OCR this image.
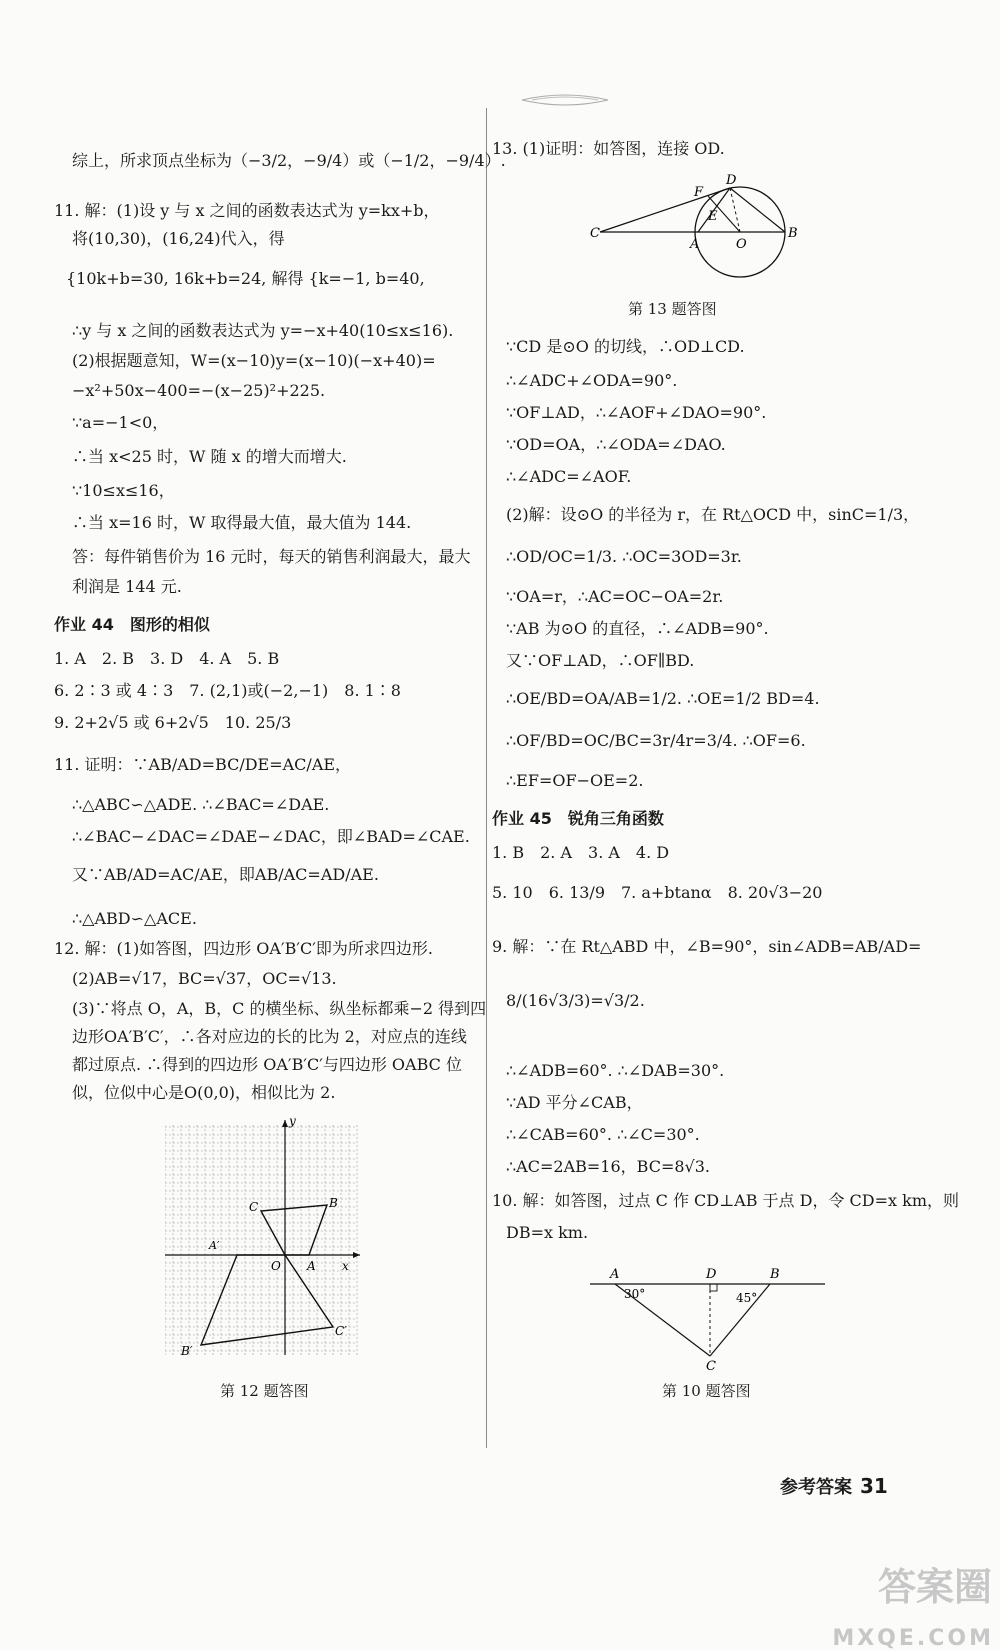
综上，所求顶点坐标为（−3/2，−9/4）或（−1/2，−9/4）.
11. 解：(1)设 y 与 x 之间的函数表达式为 y=kx+b，
将(10,30)，(16,24)代入，得
{10k+b=30, 16k+b=24, 解得 {k=−1, b=40,
∴y 与 x 之间的函数表达式为 y=−x+40(10≤x≤16).
(2)根据题意知，W=(x−10)y=(x−10)(−x+40)=
−x²+50x−400=−(x−25)²+225.
∵a=−1<0，
∴当 x<25 时，W 随 x 的增大而增大.
∵10≤x≤16，
∴当 x=16 时，W 取得最大值，最大值为 144.
答：每件销售价为 16 元时，每天的销售利润最大，最大
利润是 144 元.
作业 44　图形的相似
1. A　2. B　3. D　4. A　5. B
6. 2∶3 或 4∶3　7. (2,1)或(−2,−1)　8. 1∶8
9. 2+2√5 或 6+2√5　10. 25/3
11. 证明：∵AB/AD=BC/DE=AC/AE，
∴△ABC∽△ADE. ∴∠BAC=∠DAE.
∴∠BAC−∠DAC=∠DAE−∠DAC，即∠BAD=∠CAE.
又∵AB/AD=AC/AE，即AB/AC=AD/AE.
∴△ABD∽△ACE.
12. 解：(1)如答图，四边形 OA′B′C′即为所求四边形.
(2)AB=√17，BC=√37，OC=√13.
(3)∵将点 O，A，B，C 的横坐标、纵坐标都乘−2 得到四
边形OA′B′C′，∴各对应边的长的比为 2，对应点的连线
都过原点. ∴得到的四边形 OA′B′C′与四边形 OABC 位
似，位似中心是O(0,0)，相似比为 2.
y
x
O A
B
C
A′
B′
C′
第 12 题答图
13. (1)证明：如答图，连接 OD.
C
A	O
B
D
F
E
第 13 题答图
∵CD 是⊙O 的切线，∴OD⊥CD.
∴∠ADC+∠ODA=90°.
∵OF⊥AD，∴∠AOF+∠DAO=90°.
∵OD=OA，∴∠ODA=∠DAO.
∴∠ADC=∠AOF.
(2)解：设⊙O 的半径为 r，在 Rt△OCD 中，sinC=1/3，
∴OD/OC=1/3. ∴OC=3OD=3r.
∵OA=r，∴AC=OC−OA=2r.
∵AB 为⊙O 的直径，∴∠ADB=90°.
又∵OF⊥AD，∴OF∥BD.
∴OE/BD=OA/AB=1/2. ∴OE=1/2 BD=4.
∴OF/BD=OC/BC=3r/4r=3/4. ∴OF=6.
∴EF=OF−OE=2.
作业 45　锐角三角函数
1. B　2. A　3. A　4. D
5. 10　6. 13/9　7. a+btanα　8. 20√3−20
9. 解：∵在 Rt△ABD 中，∠B=90°，sin∠ADB=AB/AD=
8/(16√3/3)=√3/2.
∴∠ADB=60°. ∴∠DAB=30°.
∵AD 平分∠CAB，
∴∠CAB=60°. ∴∠C=30°.
∴AC=2AB=16，BC=8√3.
10. 解：如答图，过点 C 作 CD⊥AB 于点 D，令 CD=x km，则
DB=x km.
A	D	B
C
30°	45°
第 10 题答图
参考答案 31
答案圈
MXQE.COM
